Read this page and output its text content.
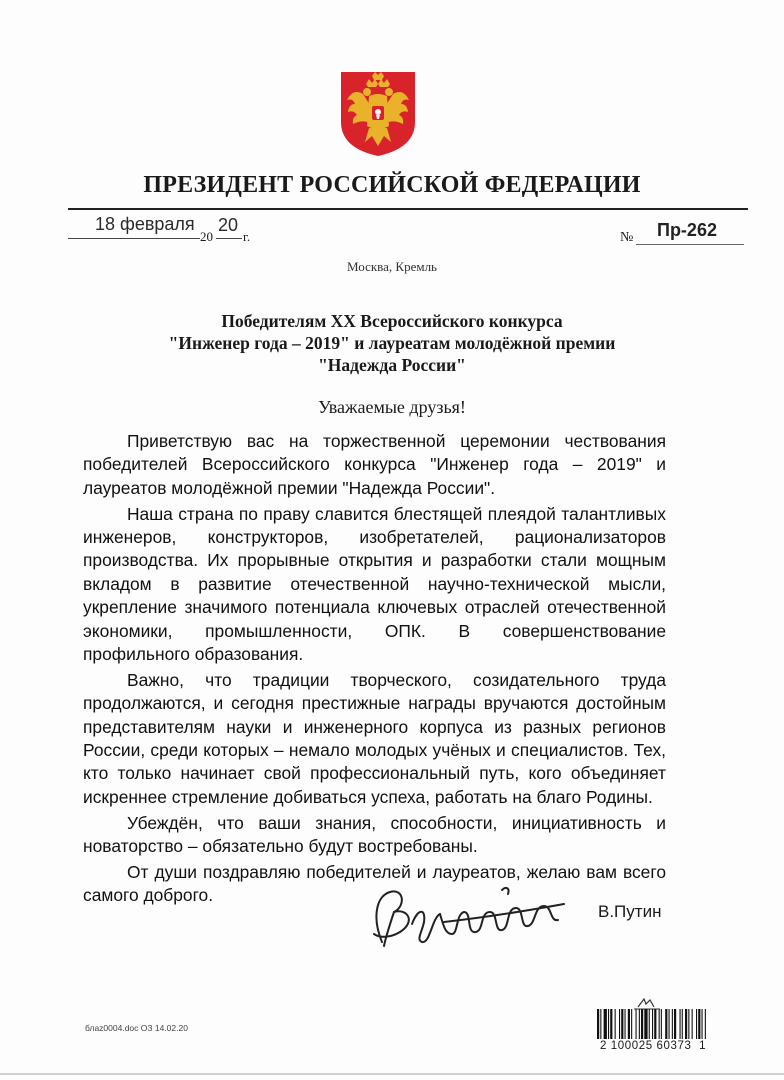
ПРЕЗИДЕНТ РОССИЙСКОЙ ФЕДЕРАЦИИ
18 февраля
20
20
г.	№ Пр-262
Москва, Кремль
Победителям XX Всероссийского конкурса
"Инженер года – 2019" и лауреатам молодёжной премии
"Надежда России"
Уважаемые друзья!

Приветствую вас на торжественной церемонии чествования победителей Всероссийского конкурса "Инженер года – 2019" и лауреатов молодёжной премии "Надежда России".

Наша страна по праву славится блестящей плеядой талантливых инженеров, конструкторов, изобретателей, рационализаторов производства. Их прорывные открытия и разработки стали мощным вкладом в развитие отечественной научно-технической мысли, укрепление значимого потенциала ключевых отраслей отечественной экономики, промышленности, ОПК. В совершенствование профильного образования.

Важно, что традиции творческого, созидательного труда продолжаются, и сегодня престижные награды вручаются достойным представителям науки и инженерного корпуса из разных регионов России, среди которых – немало молодых учёных и специалистов. Тех, кто только начинает свой профессиональный путь, кого объединяет искреннее стремление добиваться успеха, работать на благо Родины.

Убеждён, что ваши знания, способности, инициативность и новаторство – обязательно будут востребованы.

От души поздравляю победителей и лауреатов, желаю вам всего самого доброго.

В.Путин
блаz0004.doc ОЗ 14.02.20
2 100025 60373  1
